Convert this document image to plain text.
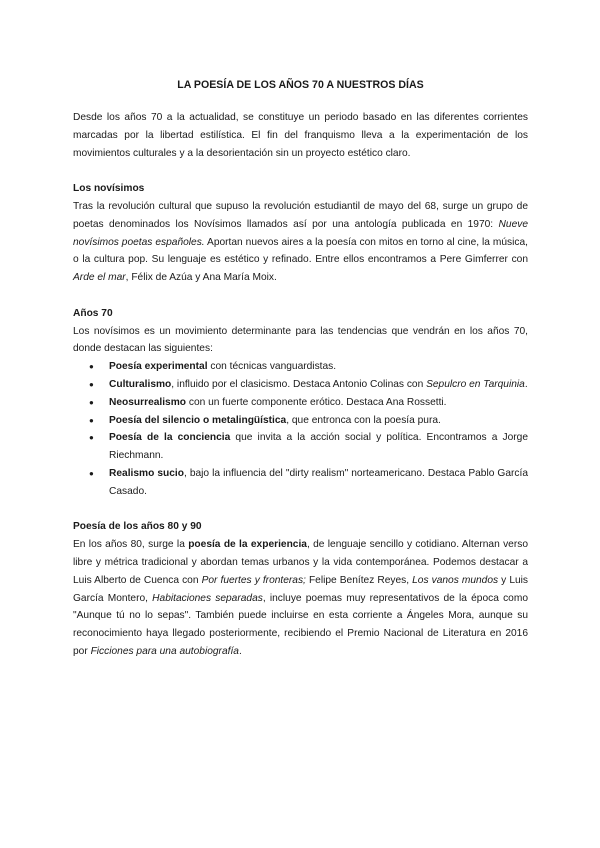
LA POESÍA DE LOS AÑOS 70 A NUESTROS DÍAS

Desde los años 70 a la actualidad, se constituye un periodo basado en las diferentes corrientes marcadas por la libertad estilística. El fin del franquismo lleva a la experimentación de los movimientos culturales y a la desorientación sin un proyecto estético claro.

Los novísimos

Tras la revolución cultural que supuso la revolución estudiantil de mayo del 68, surge un grupo de poetas denominados los Novísimos llamados así por una antología publicada en 1970: Nueve novísimos poetas españoles. Aportan nuevos aires a la poesía con mitos en torno al cine, la música, o la cultura pop. Su lenguaje es estético y refinado. Entre ellos encontramos a Pere Gimferrer con Arde el mar, Félix de Azúa y Ana María Moix.

Años 70

Los novísimos es un movimiento determinante para las tendencias que vendrán en los años 70, donde destacan las siguientes:

● Poesía experimental con técnicas vanguardistas.
● Culturalismo, influido por el clasicismo. Destaca Antonio Colinas con Sepulcro en Tarquinia.
● Neosurrealismo con un fuerte componente erótico. Destaca Ana Rossetti.
● Poesía del silencio o metalingüística, que entronca con la poesía pura.
● Poesía de la conciencia que invita a la acción social y política. Encontramos a Jorge Riechmann.
● Realismo sucio, bajo la influencia del "dirty realism" norteamericano. Destaca Pablo García Casado.

Poesía de los años 80 y 90

En los años 80, surge la poesía de la experiencia, de lenguaje sencillo y cotidiano. Alternan verso libre y métrica tradicional y abordan temas urbanos y la vida contemporánea. Podemos destacar a Luis Alberto de Cuenca con Por fuertes y fronteras; Felipe Benítez Reyes, Los vanos mundos y Luis García Montero, Habitaciones separadas, incluye poemas muy representativos de la época como "Aunque tú no lo sepas". También puede incluirse en esta corriente a Ángeles Mora, aunque su reconocimiento haya llegado posteriormente, recibiendo el Premio Nacional de Literatura en 2016 por Ficciones para una autobiografía.
